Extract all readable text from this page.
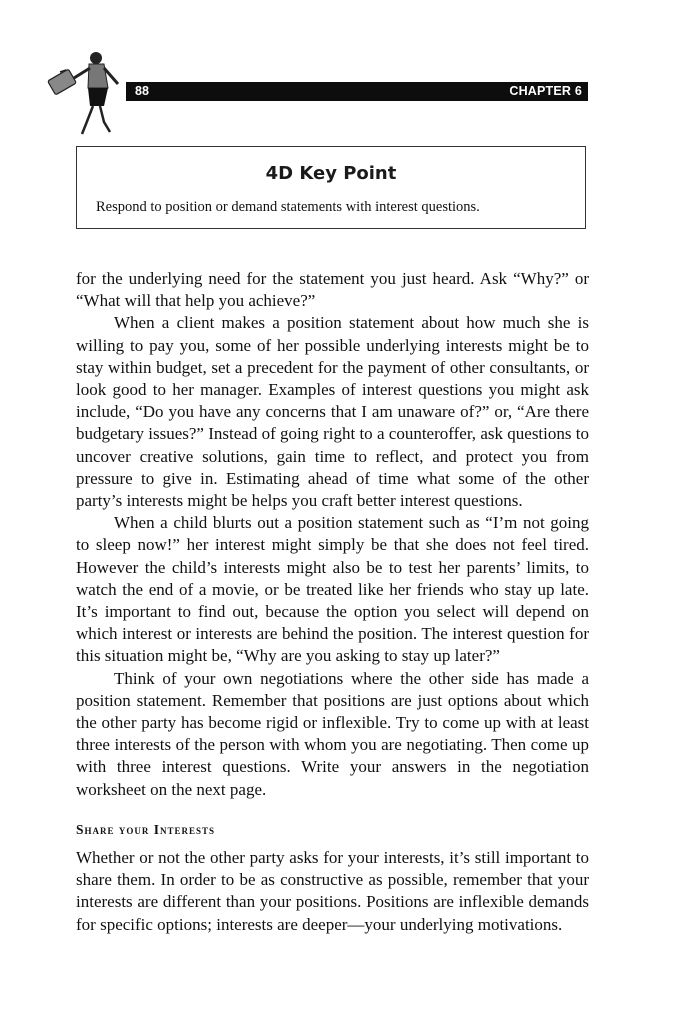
88	CHAPTER 6
4D Key Point
Respond to position or demand statements with interest questions.

for the underlying need for the statement you just heard. Ask “Why?” or “What will that help you achieve?”

When a client makes a position statement about how much she is willing to pay you, some of her possible underlying interests might be to stay within budget, set a precedent for the payment of other consultants, or look good to her manager. Examples of interest questions you might ask include, “Do you have any concerns that I am unaware of?” or, “Are there budgetary issues?” Instead of going right to a counteroffer, ask questions to uncover creative solutions, gain time to reflect, and protect you from pressure to give in. Estimating ahead of time what some of the other party’s interests might be helps you craft better interest questions.

When a child blurts out a position statement such as “I’m not going to sleep now!” her interest might simply be that she does not feel tired. However the child’s interests might also be to test her parents’ limits, to watch the end of a movie, or be treated like her friends who stay up late. It’s important to find out, because the option you select will depend on which interest or interests are behind the position. The interest question for this situation might be, “Why are you asking to stay up later?”

Think of your own negotiations where the other side has made a position statement. Remember that positions are just options about which the other party has become rigid or inflexible. Try to come up with at least three interests of the person with whom you are negotiating. Then come up with three interest questions. Write your answers in the negotiation worksheet on the next page.

Share your Interests

Whether or not the other party asks for your interests, it’s still important to share them. In order to be as constructive as possible, remember that your interests are different than your positions. Positions are inflexible demands for specific options; interests are deeper—your underlying motivations.
